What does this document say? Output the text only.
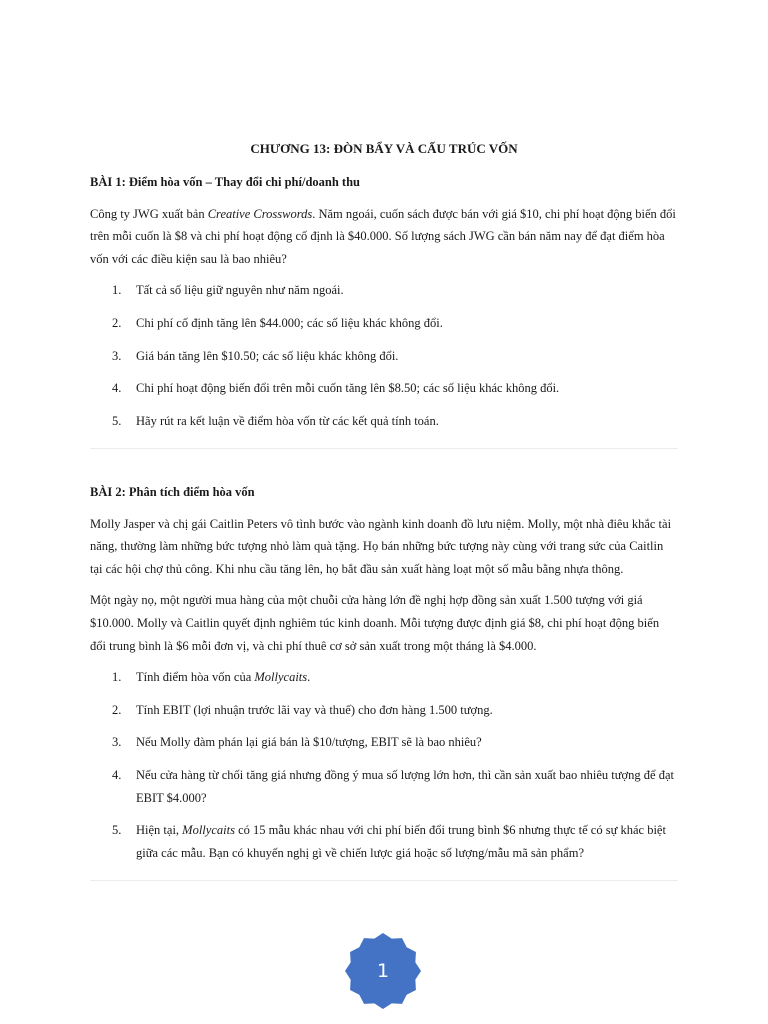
CHƯƠNG 13: ĐÒN BẨY VÀ CẤU TRÚC VỐN

BÀI 1: Điểm hòa vốn – Thay đổi chi phí/doanh thu

Công ty JWG xuất bản Creative Crosswords. Năm ngoái, cuốn sách được bán với giá $10, chi phí hoạt động biến đổi trên mỗi cuốn là $8 và chi phí hoạt động cố định là $40.000. Số lượng sách JWG cần bán năm nay để đạt điểm hòa vốn với các điều kiện sau là bao nhiêu?

1. Tất cả số liệu giữ nguyên như năm ngoái.
2. Chi phí cố định tăng lên $44.000; các số liệu khác không đổi.
3. Giá bán tăng lên $10.50; các số liệu khác không đổi.
4. Chi phí hoạt động biến đổi trên mỗi cuốn tăng lên $8.50; các số liệu khác không đổi.
5. Hãy rút ra kết luận về điểm hòa vốn từ các kết quả tính toán.

BÀI 2: Phân tích điểm hòa vốn

Molly Jasper và chị gái Caitlin Peters vô tình bước vào ngành kinh doanh đồ lưu niệm. Molly, một nhà điêu khắc tài năng, thường làm những bức tượng nhỏ làm quà tặng. Họ bán những bức tượng này cùng với trang sức của Caitlin tại các hội chợ thủ công. Khi nhu cầu tăng lên, họ bắt đầu sản xuất hàng loạt một số mẫu bằng nhựa thông.

Một ngày nọ, một người mua hàng của một chuỗi cửa hàng lớn đề nghị hợp đồng sản xuất 1.500 tượng với giá $10.000. Molly và Caitlin quyết định nghiêm túc kinh doanh. Mỗi tượng được định giá $8, chi phí hoạt động biến đổi trung bình là $6 mỗi đơn vị, và chi phí thuê cơ sở sản xuất trong một tháng là $4.000.

1. Tính điểm hòa vốn của Mollycaits.
2. Tính EBIT (lợi nhuận trước lãi vay và thuế) cho đơn hàng 1.500 tượng.
3. Nếu Molly đàm phán lại giá bán là $10/tượng, EBIT sẽ là bao nhiêu?
4. Nếu cửa hàng từ chối tăng giá nhưng đồng ý mua số lượng lớn hơn, thì cần sản xuất bao nhiêu tượng để đạt EBIT $4.000?
5. Hiện tại, Mollycaits có 15 mẫu khác nhau với chi phí biến đổi trung bình $6 nhưng thực tế có sự khác biệt giữa các mẫu. Bạn có khuyến nghị gì về chiến lược giá hoặc số lượng/mẫu mã sản phẩm?
1
